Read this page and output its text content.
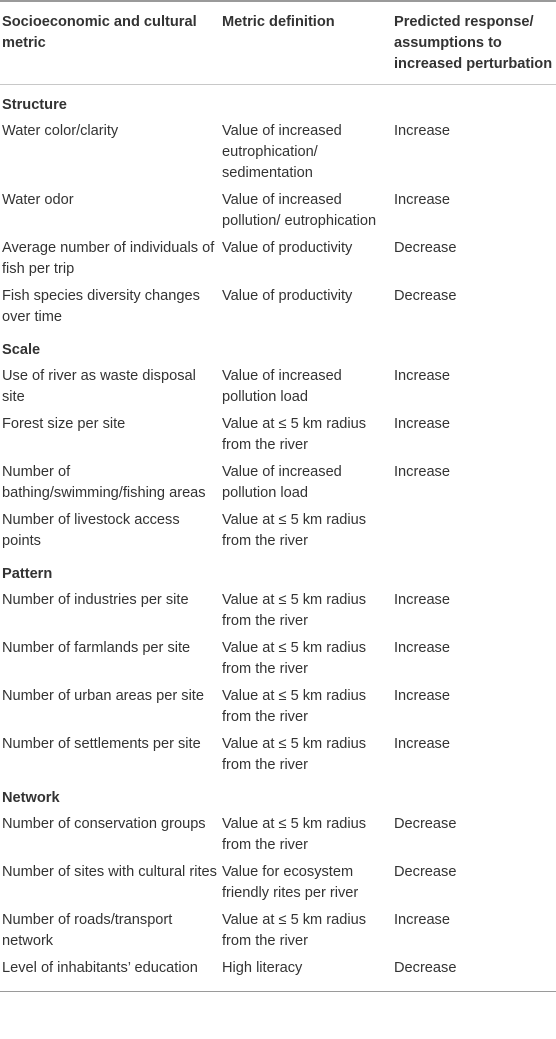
Socioeconomic and cultural metric	Metric definition	Predicted response/ assumptions to increased perturbation
Structure		
Water color/clarity	Value of increased eutrophication/ sedimentation	Increase
Water odor	Value of increased pollution/ eutrophication	Increase
Average number of individuals of fish per trip	Value of productivity	Decrease
Fish species diversity changes over time	Value of productivity	Decrease
Scale		
Use of river as waste disposal site	Value of increased pollution load	Increase
Forest size per site	Value at ≤ 5 km radius from the river	Increase
Number of bathing/swimming/fishing areas	Value of increased pollution load	Increase
Number of livestock access points	Value at ≤ 5 km radius from the river	
Pattern		
Number of industries per site	Value at ≤ 5 km radius from the river	Increase
Number of farmlands per site	Value at ≤ 5 km radius from the river	Increase
Number of urban areas per site	Value at ≤ 5 km radius from the river	Increase
Number of settlements per site	Value at ≤ 5 km radius from the river	Increase
Network		
Number of conservation groups	Value at ≤ 5 km radius from the river	Decrease
Number of sites with cultural rites	Value for ecosystem friendly rites per river	Decrease
Number of roads/transport network	Value at ≤ 5 km radius from the river	Increase
Level of inhabitants’ education	High literacy	Decrease
